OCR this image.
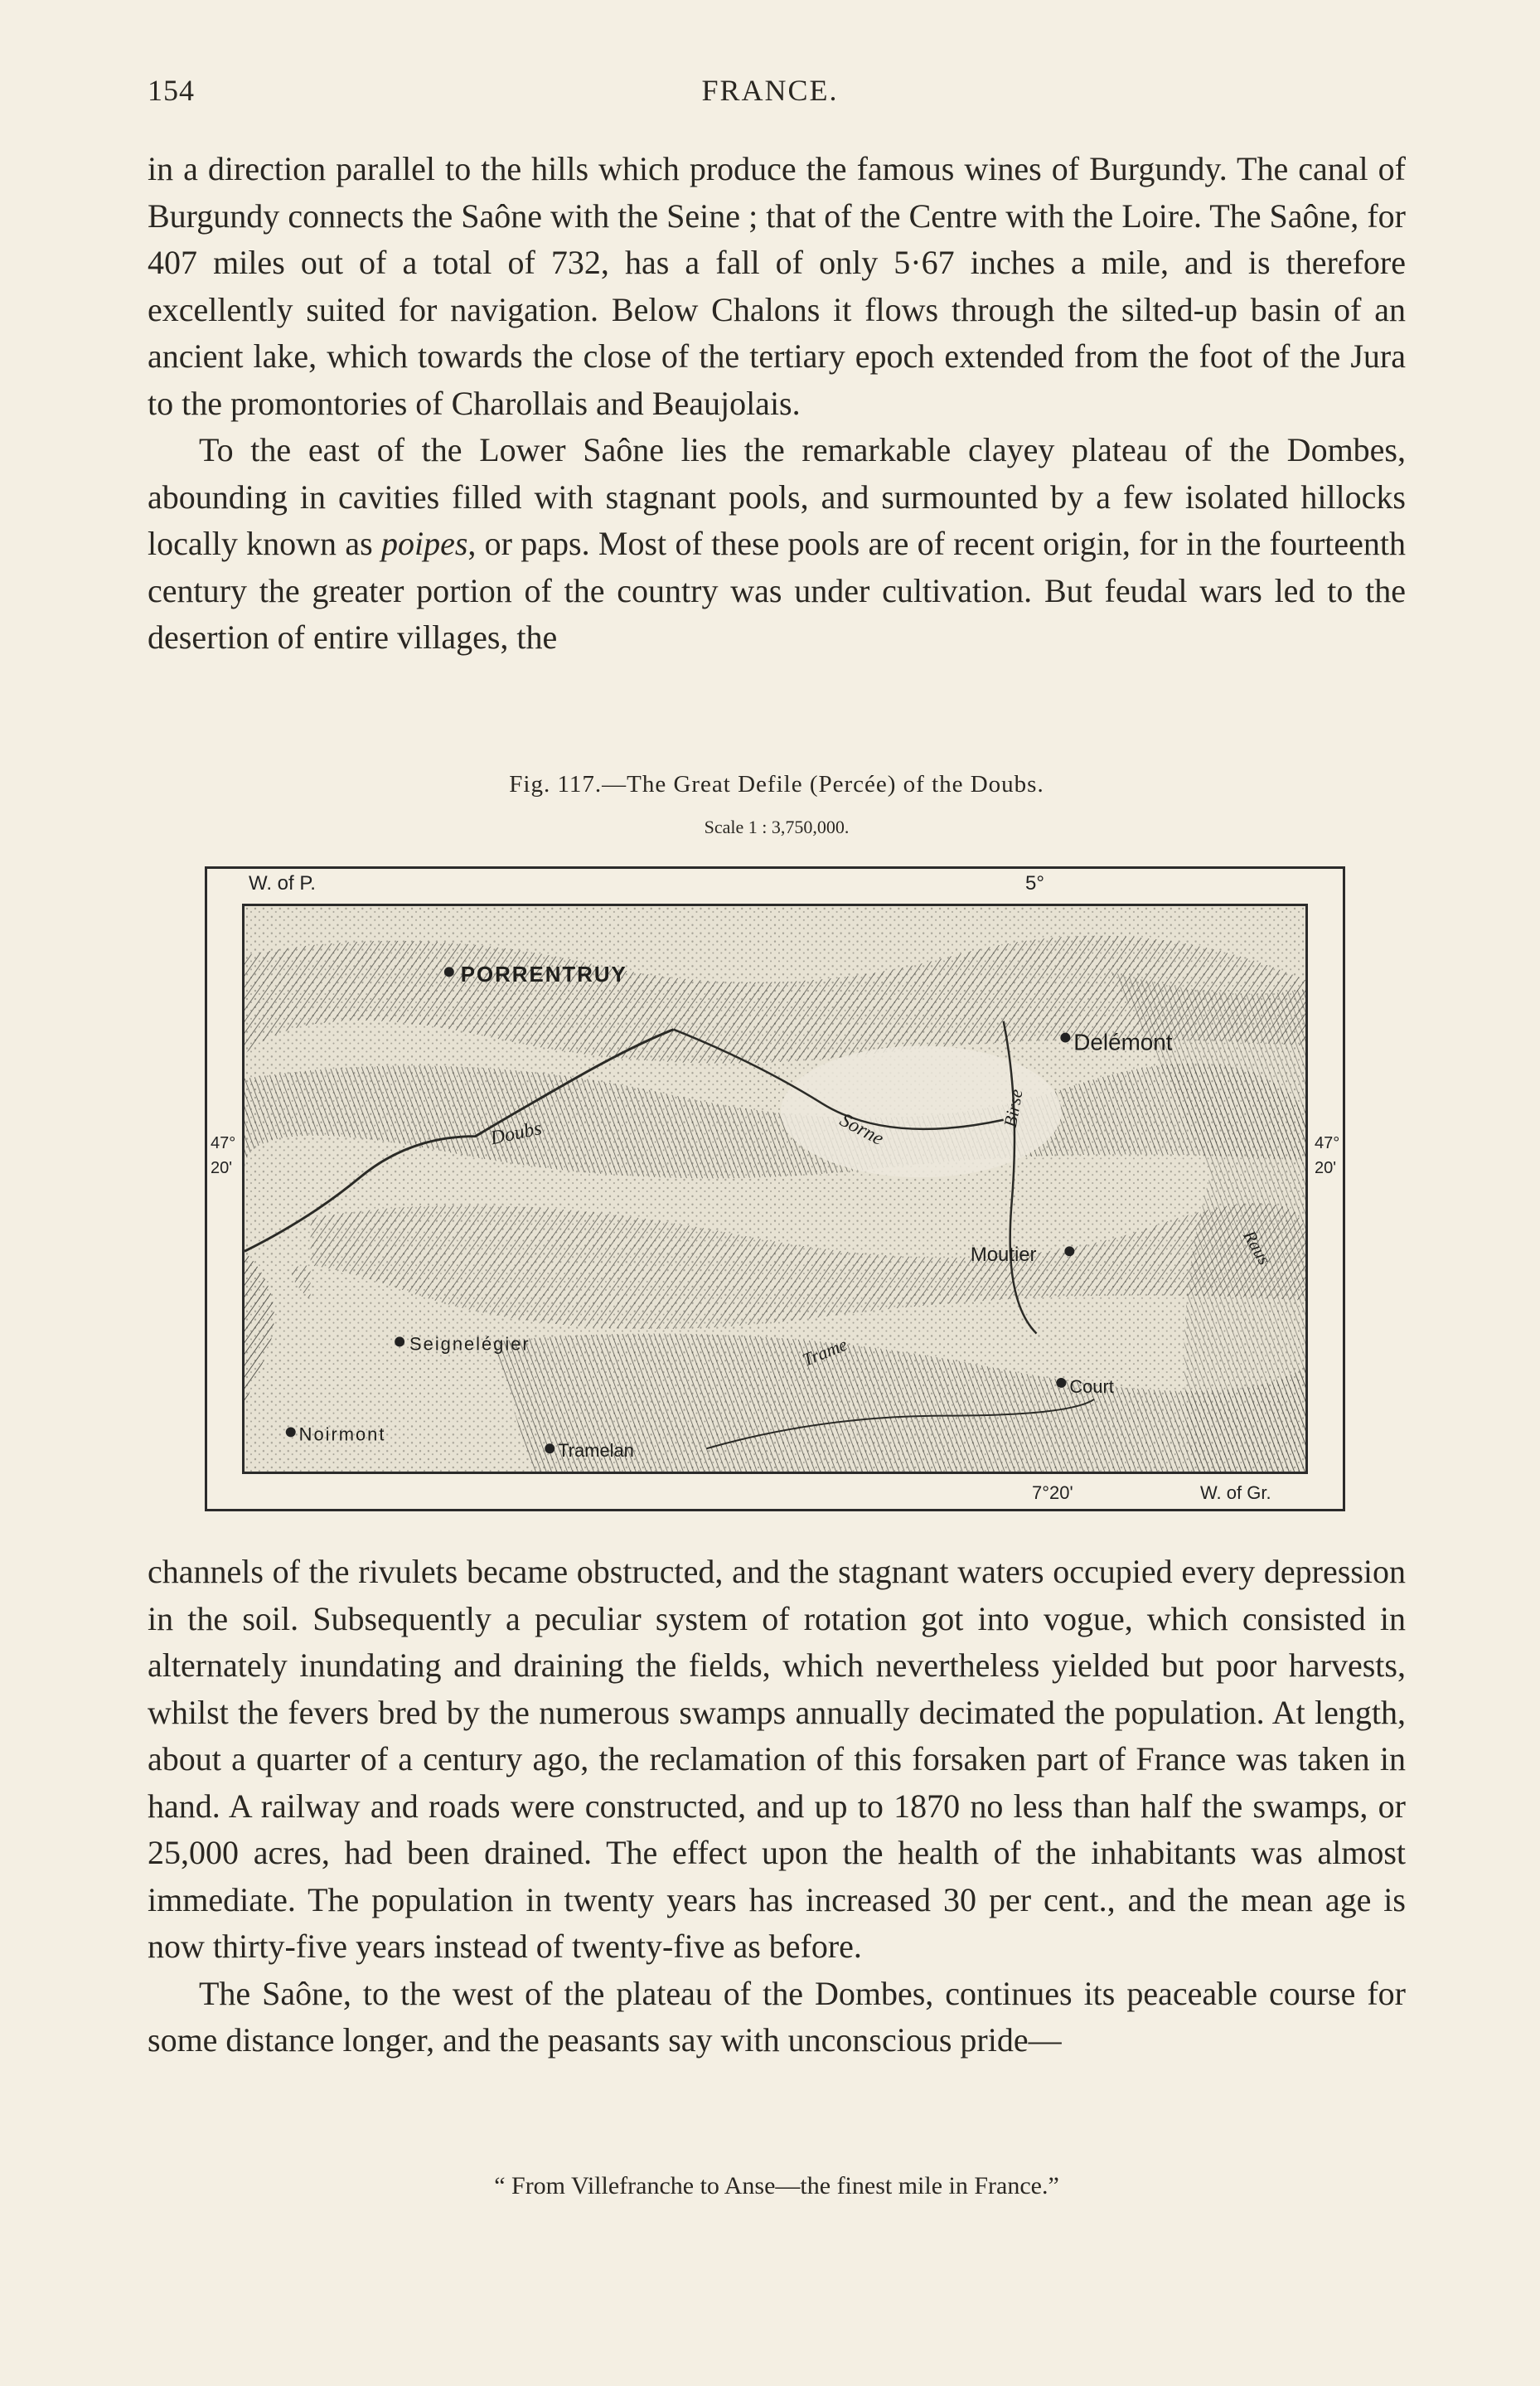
154	FRANCE.

in a direction parallel to the hills which produce the famous wines of Burgundy. The canal of Burgundy connects the Saône with the Seine ; that of the Centre with the Loire. The Saône, for 407 miles out of a total of 732, has a fall of only 5·67 inches a mile, and is therefore excellently suited for navigation. Below Chalons it flows through the silted-up basin of an ancient lake, which towards the close of the tertiary epoch extended from the foot of the Jura to the promontories of Charollais and Beaujolais.

To the east of the Lower Saône lies the remarkable clayey plateau of the Dombes, abounding in cavities filled with stagnant pools, and surmounted by a few isolated hillocks locally known as poipes, or paps. Most of these pools are of recent origin, for in the fourteenth century the greater portion of the country was under cultivation. But feudal wars led to the desertion of entire villages, the

Fig. 117.—The Great Defile (Percée) of the Doubs.
Scale 1 : 3,750,000.
W. of P.	5°
47°
20'
47°
20'
7°20'	W. of Gr.
PORRENTRUY
Delémont
Sorne
Birse
Doubs
Moutier	Raus
Seignelégier	Trame
Court
Noirmont
Tramelan

channels of the rivulets became obstructed, and the stagnant waters occupied every depression in the soil. Subsequently a peculiar system of rotation got into vogue, which consisted in alternately inundating and draining the fields, which nevertheless yielded but poor harvests, whilst the fevers bred by the numerous swamps annually decimated the population. At length, about a quarter of a century ago, the reclamation of this forsaken part of France was taken in hand. A railway and roads were constructed, and up to 1870 no less than half the swamps, or 25,000 acres, had been drained. The effect upon the health of the inhabitants was almost immediate. The population in twenty years has increased 30 per cent., and the mean age is now thirty-five years instead of twenty-five as before.

The Saône, to the west of the plateau of the Dombes, continues its peaceable course for some distance longer, and the peasants say with unconscious pride—

“ From Villefranche to Anse—the finest mile in France.”
